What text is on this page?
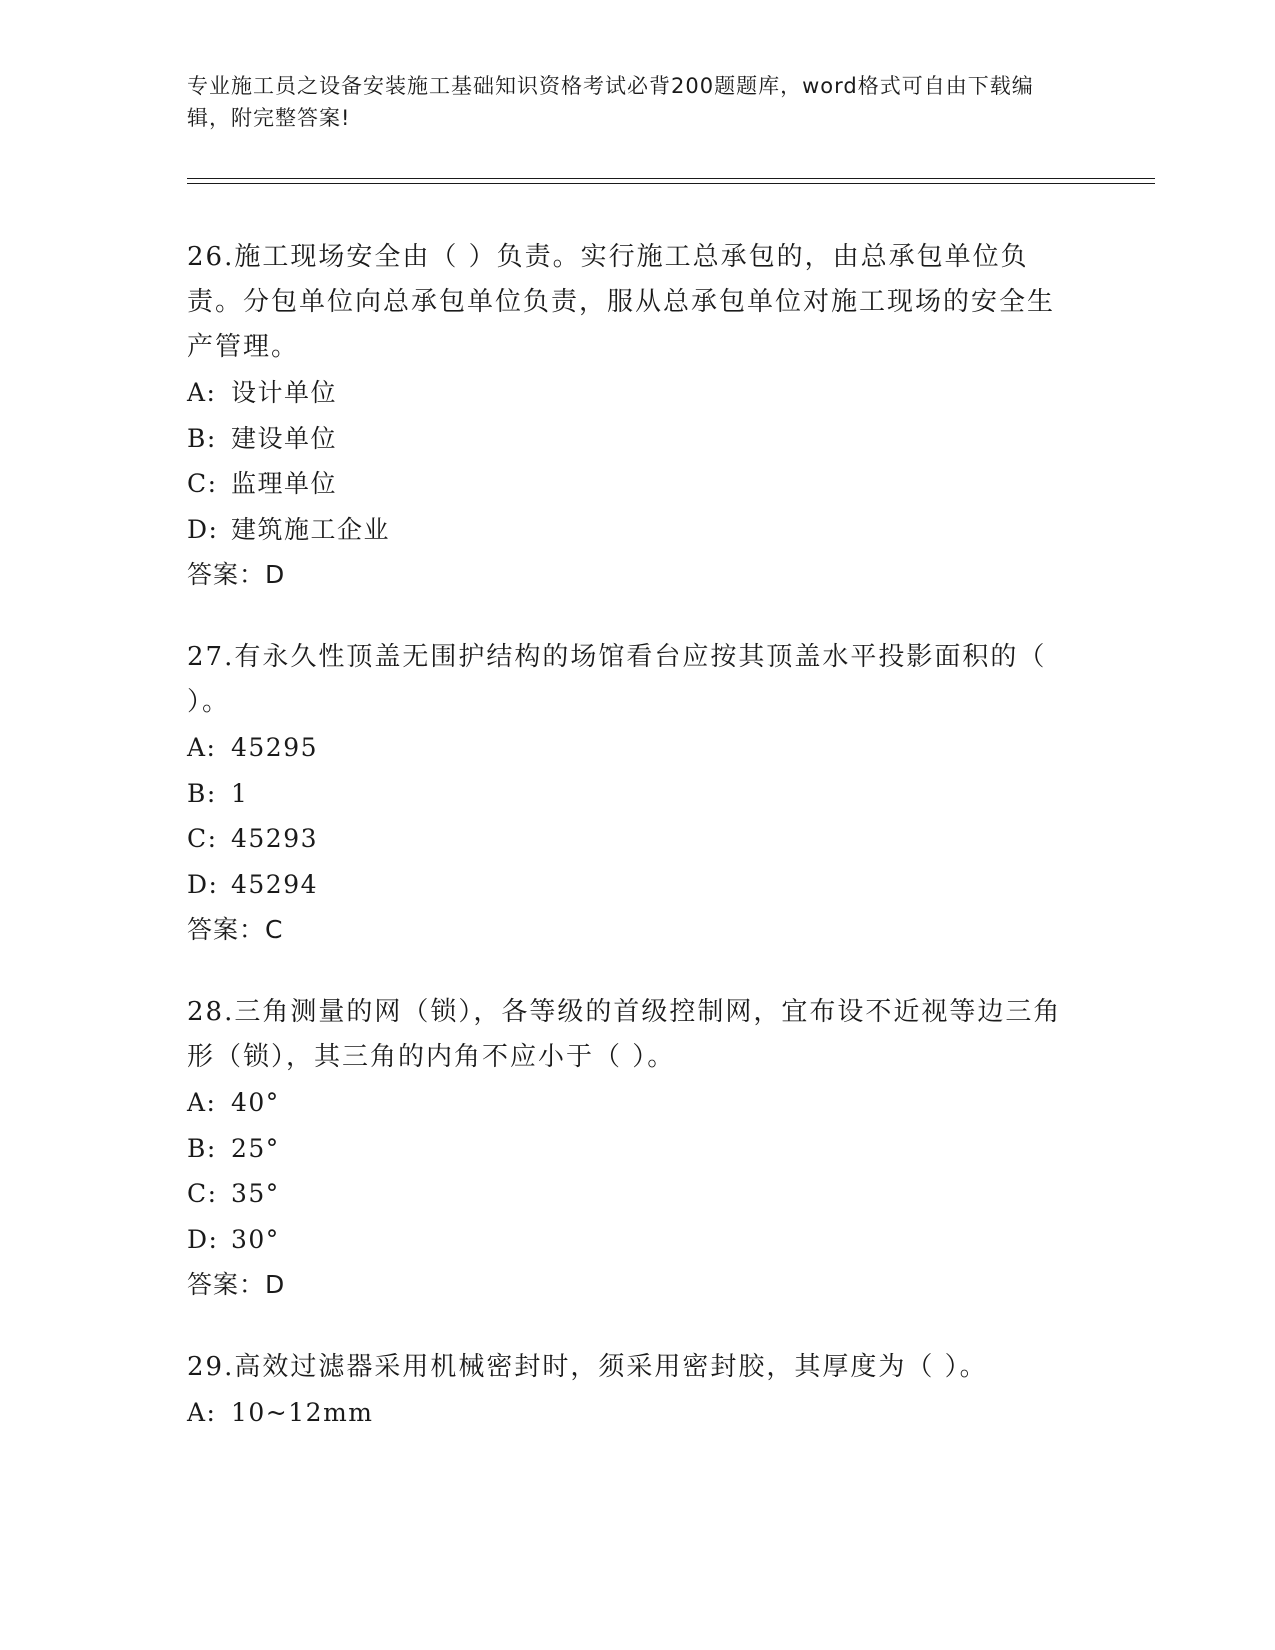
专业施工员之设备安装施工基础知识资格考试必背200题题库，word格式可自由下载编辑，附完整答案!

26.施工现场安全由（ ）负责。实行施工总承包的，由总承包单位负责。分包单位向总承包单位负责，服从总承包单位对施工现场的安全生产管理。

A: 设计单位

B: 建设单位

C: 监理单位

D: 建筑施工企业

答案：D

27.有永久性顶盖无围护结构的场馆看台应按其顶盖水平投影面积的（ ）。

A: 45295

B: 1

C: 45293

D: 45294

答案：C

28.三角测量的网（锁），各等级的首级控制网，宜布设不近视等边三角形（锁），其三角的内角不应小于（ ）。

A: 40°

B: 25°

C: 35°

D: 30°

答案：D

29.高效过滤器采用机械密封时，须采用密封胶，其厚度为（ ）。

A: 10~12mm
